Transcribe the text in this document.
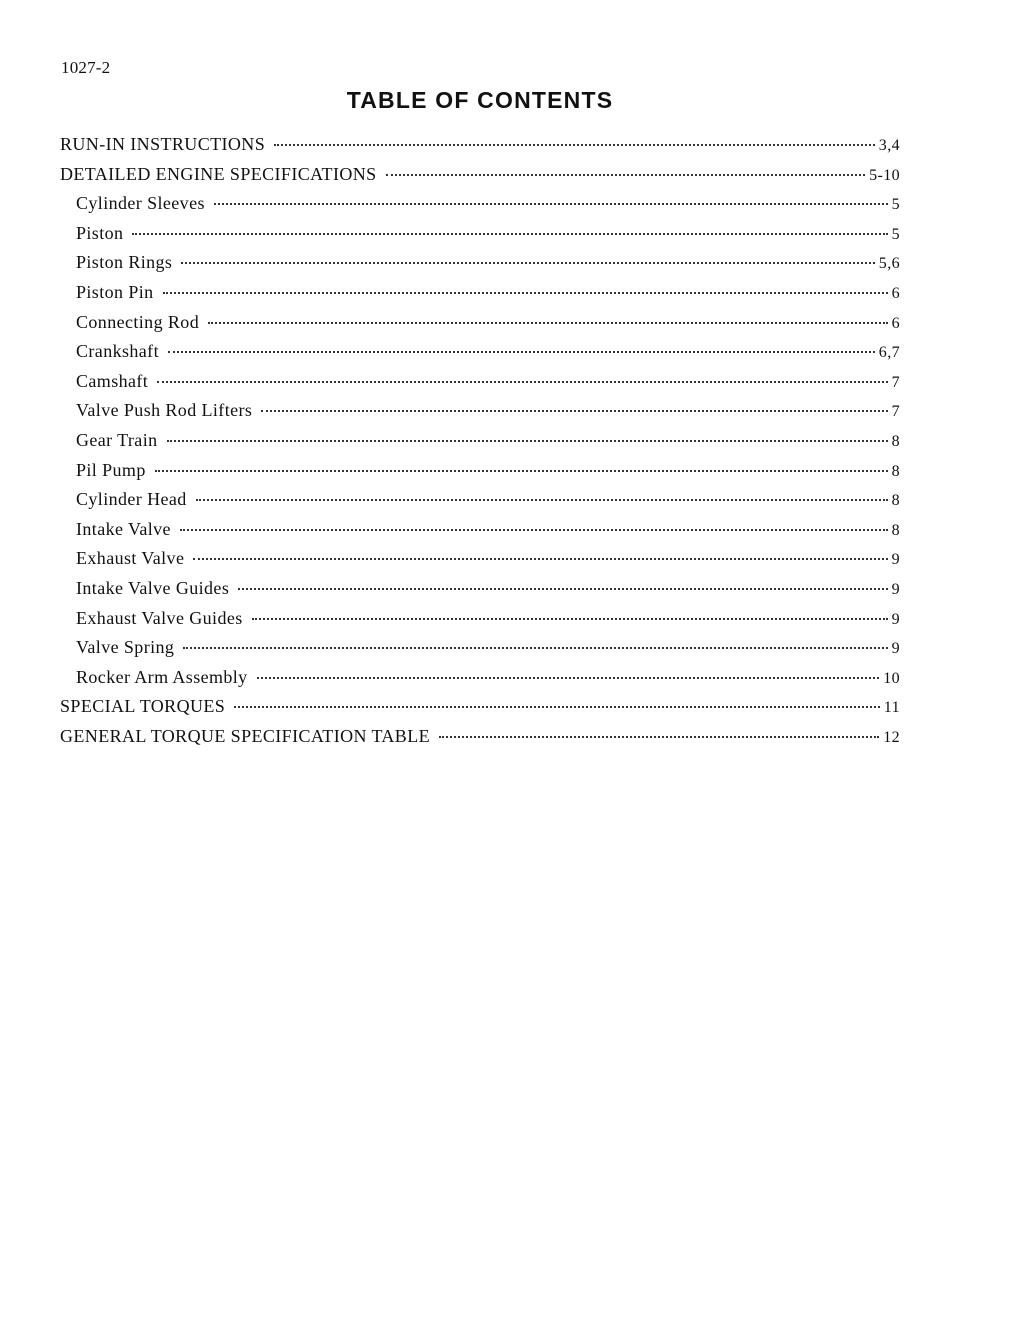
1027-2
TABLE OF CONTENTS
RUN-IN INSTRUCTIONS	3,4
DETAILED ENGINE SPECIFICATIONS	5-10
Cylinder Sleeves	5
Piston	5
Piston Rings	5,6
Piston Pin	6
Connecting Rod	6
Crankshaft	6,7
Camshaft	7
Valve Push Rod Lifters	7
Gear Train	8
Pil Pump	8
Cylinder Head	8
Intake Valve	8
Exhaust Valve	9
Intake Valve Guides	9
Exhaust Valve Guides	9
Valve Spring	9
Rocker Arm Assembly	10
SPECIAL TORQUES	11
GENERAL TORQUE SPECIFICATION TABLE	12
